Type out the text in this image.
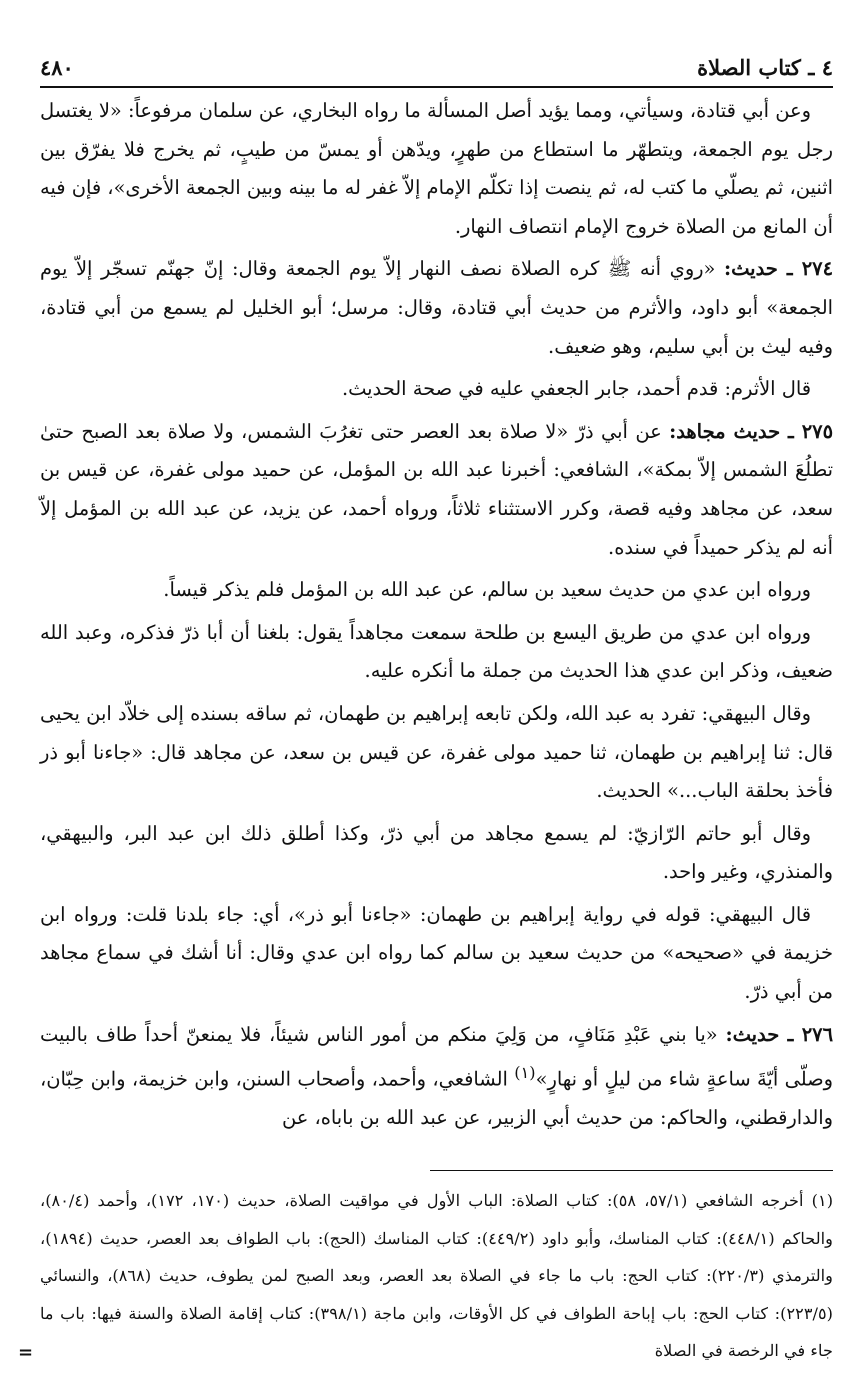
٤ ـ كتاب الصلاة
٤٨٠

وعن أبي قتادة، وسيأتي، ومما يؤيد أصل المسألة ما رواه البخاري، عن سلمان مرفوعاً: «لا يغتسل رجل يوم الجمعة، ويتطهّر ما استطاع من طهرٍ، ويدّهن أو يمسّ من طيبٍ، ثم يخرج فلا يفرّق بين اثنين، ثم يصلّي ما كتب له، ثم ينصت إذا تكلّم الإمام إلاّ غفر له ما بينه وبين الجمعة الأخرى»، فإن فيه أن المانع من الصلاة خروج الإمام انتصاف النهار.

٢٧٤ ـ حديث: «روي أنه ﷺ كره الصلاة نصف النهار إلاّ يوم الجمعة وقال: إنّ جهنّم تسجّر إلاّ يوم الجمعة» أبو داود، والأثرم من حديث أبي قتادة، وقال: مرسل؛ أبو الخليل لم يسمع من أبي قتادة، وفيه ليث بن أبي سليم، وهو ضعيف.

قال الأثرم: قدم أحمد، جابر الجعفي عليه في صحة الحديث.

٢٧٥ ـ حديث مجاهد: عن أبي ذرّ «لا صلاة بعد العصر حتى تغرُبَ الشمس، ولا صلاة بعد الصبح حتىٰ تطلُعَ الشمس إلاّ بمكة»، الشافعي: أخبرنا عبد الله بن المؤمل، عن حميد مولى غفرة، عن قيس بن سعد، عن مجاهد وفيه قصة، وكرر الاستثناء ثلاثاً، ورواه أحمد، عن يزيد، عن عبد الله بن المؤمل إلاّ أنه لم يذكر حميداً في سنده.

ورواه ابن عدي من حديث سعيد بن سالم، عن عبد الله بن المؤمل فلم يذكر قيساً.

ورواه ابن عدي من طريق اليسع بن طلحة سمعت مجاهداً يقول: بلغنا أن أبا ذرّ فذكره، وعبد الله ضعيف، وذكر ابن عدي هذا الحديث من جملة ما أنكره عليه.

وقال البيهقي: تفرد به عبد الله، ولكن تابعه إبراهيم بن طهمان، ثم ساقه بسنده إلى خلاّد ابن يحيى قال: ثنا إبراهيم بن طهمان، ثنا حميد مولى غفرة، عن قيس بن سعد، عن مجاهد قال: «جاءنا أبو ذر فأخذ بحلقة الباب...» الحديث.

وقال أبو حاتم الرّازيّ: لم يسمع مجاهد من أبي ذرّ، وكذا أطلق ذلك ابن عبد البر، والبيهقي، والمنذري، وغير واحد.

قال البيهقي: قوله في رواية إبراهيم بن طهمان: «جاءنا أبو ذر»، أي: جاء بلدنا قلت: ورواه ابن خزيمة في «صحيحه» من حديث سعيد بن سالم كما رواه ابن عدي وقال: أنا أشك في سماع مجاهد من أبي ذرّ.

٢٧٦ ـ حديث: «يا بني عَبْدِ مَنَافٍ، من وَلِيَ منكم من أمور الناس شيئاً، فلا يمنعنّ أحداً طاف بالبيت وصلّى أيّةَ ساعةٍ شاء من ليلٍ أو نهارٍ»$^{(١)}$ الشافعي، وأحمد، وأصحاب السنن، وابن خزيمة، وابن حِبّان، والدارقطني، والحاكم: من حديث أبي الزبير، عن عبد الله بن باباه، عن

(١) أخرجه الشافعي (٥٧/١، ٥٨): كتاب الصلاة: الباب الأول في مواقيت الصلاة، حديث (١٧٠، ١٧٢)، وأحمد (٨٠/٤)، والحاكم (٤٤٨/١): كتاب المناسك، وأبو داود (٤٤٩/٢): كتاب المناسك (الحج): باب الطواف بعد العصر، حديث (١٨٩٤)، والترمذي (٢٢٠/٣): كتاب الحج: باب ما جاء في الصلاة بعد العصر، وبعد الصبح لمن يطوف، حديث (٨٦٨)، والنسائي (٢٢٣/٥): كتاب الحج: باب إباحة الطواف في كل الأوقات، وابن ماجة (٣٩٨/١): كتاب إقامة الصلاة والسنة فيها: باب ما جاء في الرخصة في الصلاة

=
